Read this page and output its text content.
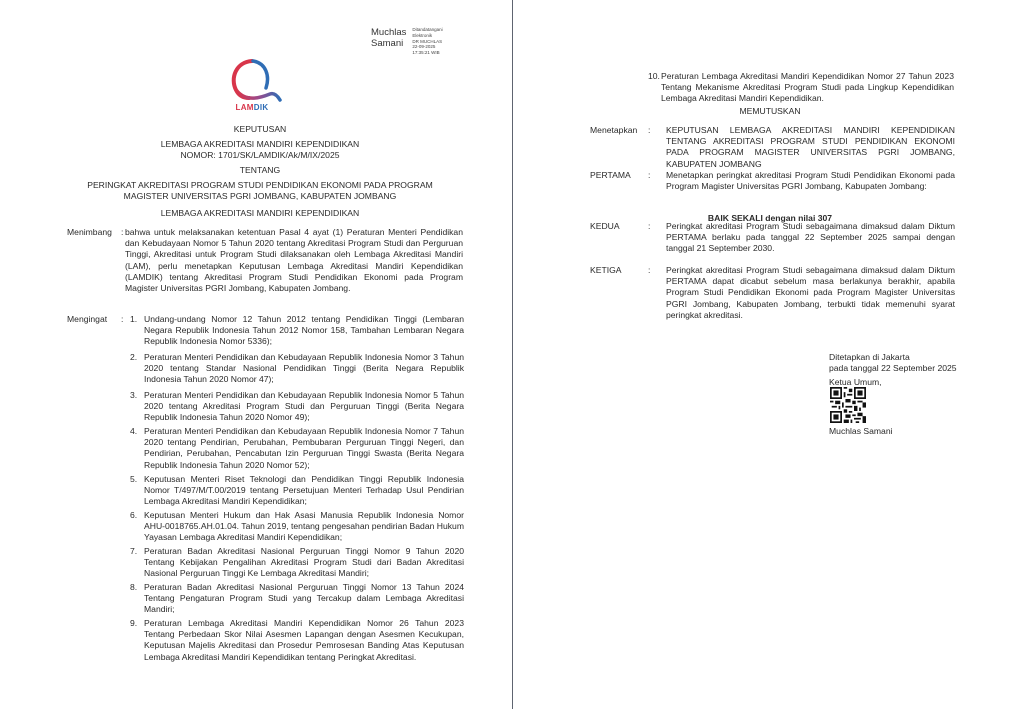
Muchlas
Samani
Ditandatangani
Elektronik
DR MUCHLAS
22-09-2025
17:35:21 WIB
LAMDIK
KEPUTUSAN
LEMBAGA AKREDITASI MANDIRI KEPENDIDIKAN
NOMOR: 1701/SK/LAMDIK/Ak/M/IX/2025
TENTANG
PERINGKAT AKREDITASI PROGRAM STUDI PENDIDIKAN EKONOMI PADA PROGRAM
MAGISTER UNIVERSITAS PGRI JOMBANG, KABUPATEN JOMBANG
LEMBAGA AKREDITASI MANDIRI KEPENDIDIKAN
Menimbang	: bahwa untuk melaksanakan ketentuan Pasal 4 ayat (1) Peraturan Menteri Pendidikan dan Kebudayaan Nomor 5 Tahun 2020 tentang Akreditasi Program Studi dan Perguruan Tinggi, Akreditasi untuk Program Studi dilaksanakan oleh Lembaga Akreditasi Mandiri (LAM), perlu menetapkan Keputusan Lembaga Akreditasi Mandiri Kependidikan (LAMDIK) tentang Akreditasi Program Studi Pendidikan Ekonomi pada Program Magister Universitas PGRI Jombang, Kabupaten Jombang.
Mengingat : 1. Undang-undang Nomor 12 Tahun 2012 tentang Pendidikan Tinggi (Lembaran Negara Republik Indonesia Tahun 2012 Nomor 158, Tambahan Lembaran Negara Republik Indonesia Nomor 5336);
2. Peraturan Menteri Pendidikan dan Kebudayaan Republik Indonesia Nomor 3 Tahun 2020 tentang Standar Nasional Pendidikan Tinggi (Berita Negara Republik Indonesia Tahun 2020 Nomor 47);
3. Peraturan Menteri Pendidikan dan Kebudayaan Republik Indonesia Nomor 5 Tahun 2020 tentang Akreditasi Program Studi dan Perguruan Tinggi (Berita Negara Republik Indonesia Tahun 2020 Nomor 49);
4. Peraturan Menteri Pendidikan dan Kebudayaan Republik Indonesia Nomor 7 Tahun 2020 tentang Pendirian, Perubahan, Pembubaran Perguruan Tinggi Negeri, dan Pendirian, Perubahan, Pencabutan Izin Perguruan Tinggi Swasta (Berita Negara Republik Indonesia Tahun 2020 Nomor 52);
5. Keputusan Menteri Riset Teknologi dan Pendidikan Tinggi Republik Indonesia Nomor T/497/M/T.00/2019 tentang Persetujuan Menteri Terhadap Usul Pendirian Lembaga Akreditasi Mandiri Kependidikan;
6. Keputusan Menteri Hukum dan Hak Asasi Manusia Republik Indonesia Nomor AHU-0018765.AH.01.04. Tahun 2019, tentang pengesahan pendirian Badan Hukum Yayasan Lembaga Akreditasi Mandiri Kependidikan;
7. Peraturan Badan Akreditasi Nasional Perguruan Tinggi Nomor 9 Tahun 2020 Tentang Kebijakan Pengalihan Akreditasi Program Studi dari Badan Akreditasi Nasional Perguruan Tinggi Ke Lembaga Akreditasi Mandiri;
8. Peraturan Badan Akreditasi Nasional Perguruan Tinggi Nomor 13 Tahun 2024 Tentang Pengaturan Program Studi yang Tercakup dalam Lembaga Akreditasi Mandiri;
9. Peraturan Lembaga Akreditasi Mandiri Kependidikan Nomor 26 Tahun 2023 Tentang Perbedaan Skor Nilai Asesmen Lapangan dengan Asesmen Kecukupan, Keputusan Majelis Akreditasi dan Prosedur Pemrosesan Banding Atas Keputusan Lembaga Akreditasi Mandiri Kependidikan tentang Peringkat Akreditasi.
10. Peraturan Lembaga Akreditasi Mandiri Kependidikan Nomor 27 Tahun 2023 Tentang Mekanisme Akreditasi Program Studi pada Lingkup Kependidikan Lembaga Akreditasi Mandiri Kependidikan.
MEMUTUSKAN
Menetapkan	:	KEPUTUSAN LEMBAGA AKREDITASI MANDIRI KEPENDIDIKAN TENTANG AKREDITASI PROGRAM STUDI PENDIDIKAN EKONOMI PADA PROGRAM MAGISTER UNIVERSITAS PGRI JOMBANG, KABUPATEN JOMBANG
PERTAMA	:	Menetapkan peringkat akreditasi Program Studi Pendidikan Ekonomi pada Program Magister Universitas PGRI Jombang, Kabupaten Jombang:
BAIK SEKALI dengan nilai 307
KEDUA	:	Peringkat akreditasi Program Studi sebagaimana dimaksud dalam Diktum PERTAMA berlaku pada tanggal 22 September 2025 sampai dengan tanggal 21 September 2030.
KETIGA	:	Peringkat akreditasi Program Studi sebagaimana dimaksud dalam Diktum PERTAMA dapat dicabut sebelum masa berlakunya berakhir, apabila Program Studi Pendidikan Ekonomi pada Program Magister Universitas PGRI Jombang, Kabupaten Jombang, terbukti tidak memenuhi syarat peringkat akreditasi.
Ditetapkan di Jakarta
pada tanggal 22 September 2025
Ketua Umum,
Muchlas Samani
